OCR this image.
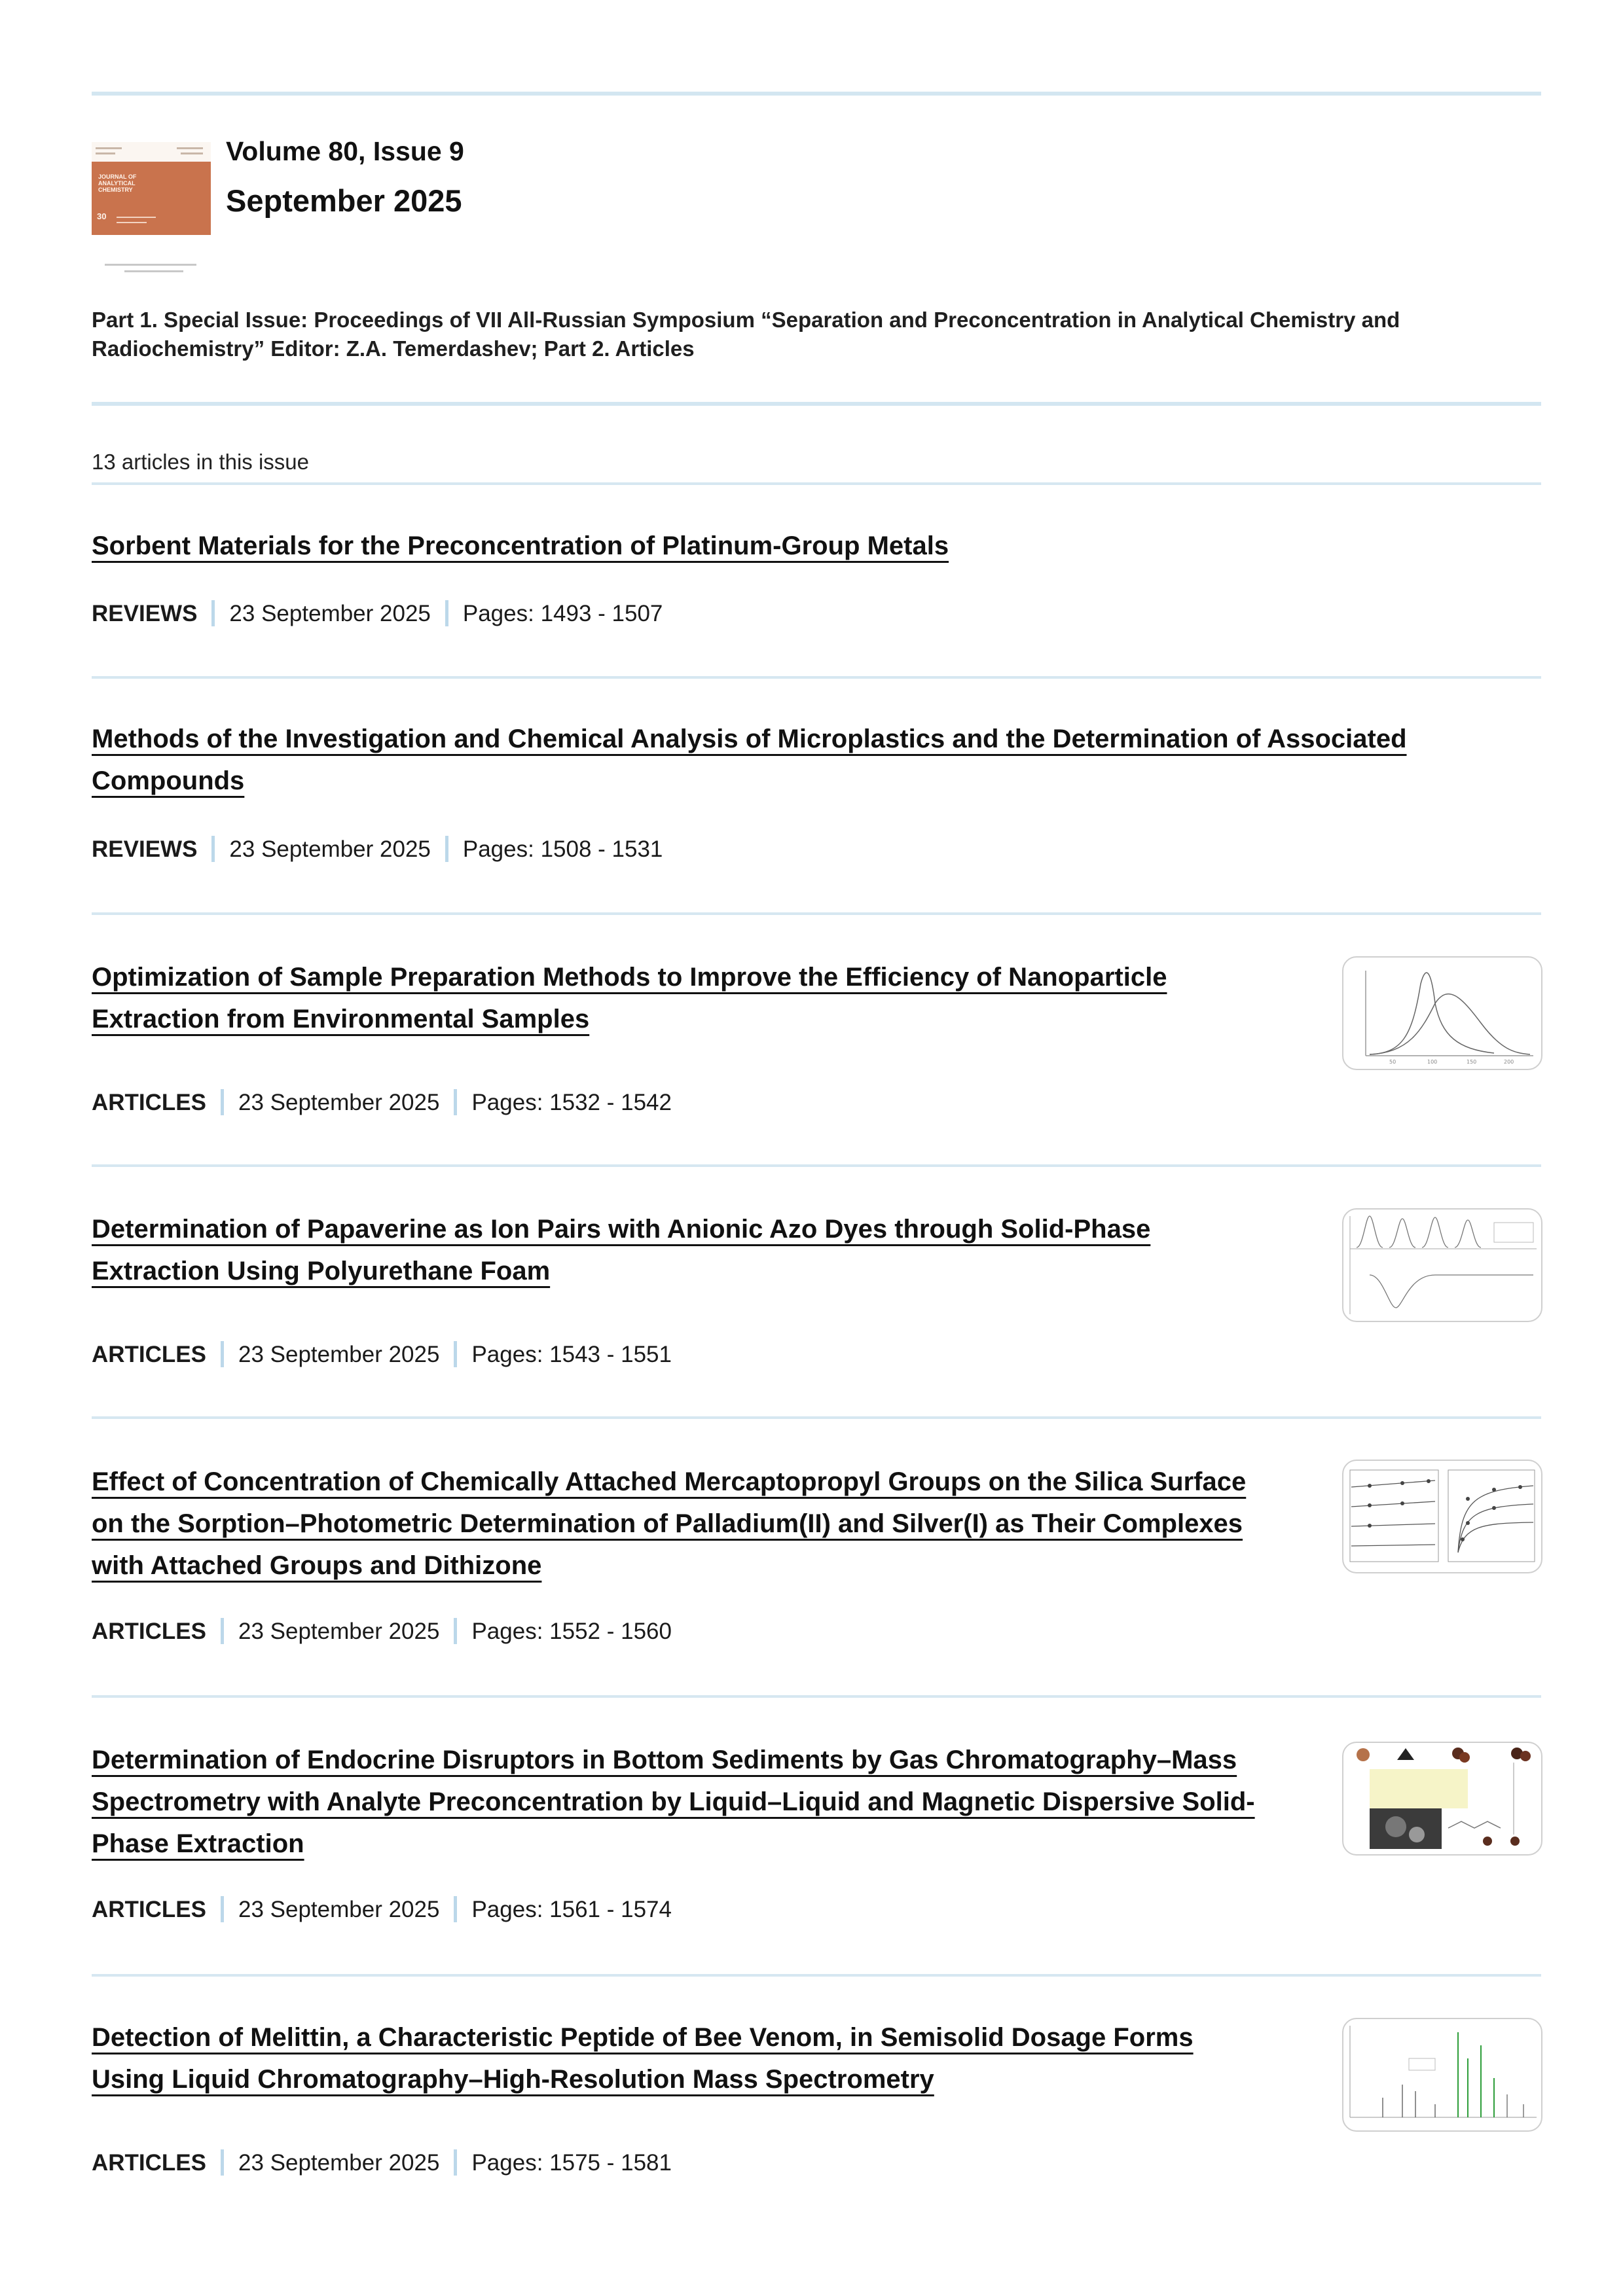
JOURNAL OF ANALYTICAL CHEMISTRY
30
Volume 80, Issue 9
September 2025
Part 1. Special Issue: Proceedings of VII All-Russian Symposium “Separation and Preconcentration in Analytical Chemistry and Radiochemistry” Editor: Z.A. Temerdashev; Part 2. Articles
13 articles in this issue
Sorbent Materials for the Preconcentration of Platinum-Group Metals
REVIEWS 23 September 2025 Pages: 1493 - 1507
Methods of the Investigation and Chemical Analysis of Microplastics and the Determination of Associated Compounds
REVIEWS 23 September 2025 Pages: 1508 - 1531
Optimization of Sample Preparation Methods to Improve the Efficiency of Nanoparticle Extraction from Environmental Samples
ARTICLES 23 September 2025 Pages: 1532 - 1542
50	100	150	200
Determination of Papaverine as Ion Pairs with Anionic Azo Dyes through Solid-Phase Extraction Using Polyurethane Foam
ARTICLES 23 September 2025 Pages: 1543 - 1551
Effect of Concentration of Chemically Attached Mercaptopropyl Groups on the Silica Surface on the Sorption–Photometric Determination of Palladium(II) and Silver(I) as Their Complexes with Attached Groups and Dithizone
ARTICLES 23 September 2025 Pages: 1552 - 1560
Determination of Endocrine Disruptors in Bottom Sediments by Gas Chromatography–Mass Spectrometry with Analyte Preconcentration by Liquid–Liquid and Magnetic Dispersive Solid-Phase Extraction
ARTICLES 23 September 2025 Pages: 1561 - 1574
Detection of Melittin, a Characteristic Peptide of Bee Venom, in Semisolid Dosage Forms Using Liquid Chromatography–High-Resolution Mass Spectrometry
ARTICLES 23 September 2025 Pages: 1575 - 1581
